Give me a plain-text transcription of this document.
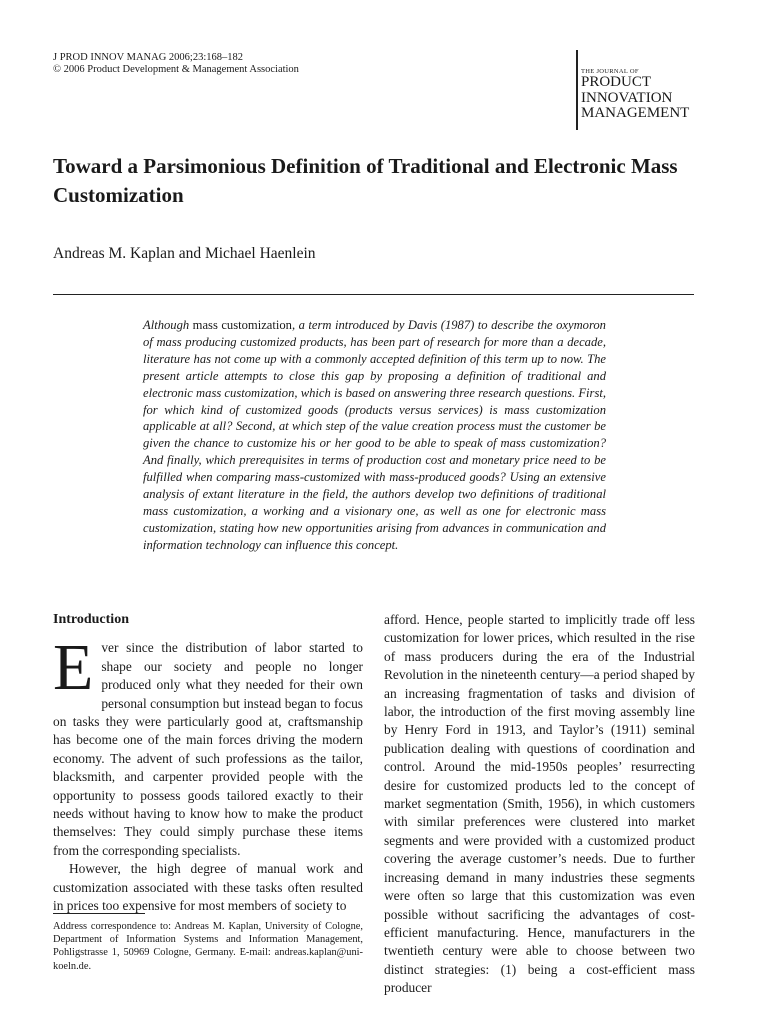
J PROD INNOV MANAG 2006;23:168–182
© 2006 Product Development & Management Association	THE JOURNAL OF
PRODUCT
INNOVATION
MANAGEMENT
Toward a Parsimonious Definition of Traditional and Electronic Mass Customization
Andreas M. Kaplan and Michael Haenlein
Although mass customization, a term introduced by Davis (1987) to describe the oxymoron of mass producing customized products, has been part of research for more than a decade, literature has not come up with a commonly accepted definition of this term up to now. The present article attempts to close this gap by proposing a definition of traditional and electronic mass customization, which is based on answering three research questions. First, for which kind of customized goods (products versus services) is mass customization applicable at all? Second, at which step of the value creation process must the customer be given the chance to customize his or her good to be able to speak of mass customization? And finally, which prerequisites in terms of production cost and monetary price need to be fulfilled when comparing mass-customized with mass-produced goods? Using an extensive analysis of extant literature in the field, the authors develop two definitions of traditional mass customization, a working and a visionary one, as well as one for electronic mass customization, stating how new opportunities arising from advances in communication and information technology can influence this concept.
Introduction

Ever since the distribution of labor started to shape our society and people no longer produced only what they needed for their own personal consumption but instead began to focus on tasks they were particularly good at, craftsmanship has become one of the main forces driving the modern economy. The advent of such professions as the tailor, blacksmith, and carpenter provided people with the opportunity to possess goods tailored exactly to their needs without having to know how to make the product themselves: They could simply purchase these items from the corresponding specialists.

However, the high degree of manual work and customization associated with these tasks often resulted in prices too expensive for most members of society to

Address correspondence to: Andreas M. Kaplan, University of Cologne, Department of Information Systems and Information Management, Pohligstrasse 1, 50969 Cologne, Germany. E-mail: andreas.kaplan@uni-koeln.de.

afford. Hence, people started to implicitly trade off less customization for lower prices, which resulted in the rise of mass producers during the era of the Industrial Revolution in the nineteenth century—a period shaped by an increasing fragmentation of tasks and division of labor, the introduction of the first moving assembly line by Henry Ford in 1913, and Taylor’s (1911) seminal publication dealing with questions of coordination and control. Around the mid-1950s peoples’ resurrecting desire for customized products led to the concept of market segmentation (Smith, 1956), in which customers with similar preferences were clustered into market segments and were provided with a customized product covering the average customer’s needs. Due to further increasing demand in many industries these segments were often so large that this customization was even possible without sacrificing the advantages of cost-efficient manufacturing. Hence, manufacturers in the twentieth century were able to choose between two distinct strategies: (1) being a cost-efficient mass producer
